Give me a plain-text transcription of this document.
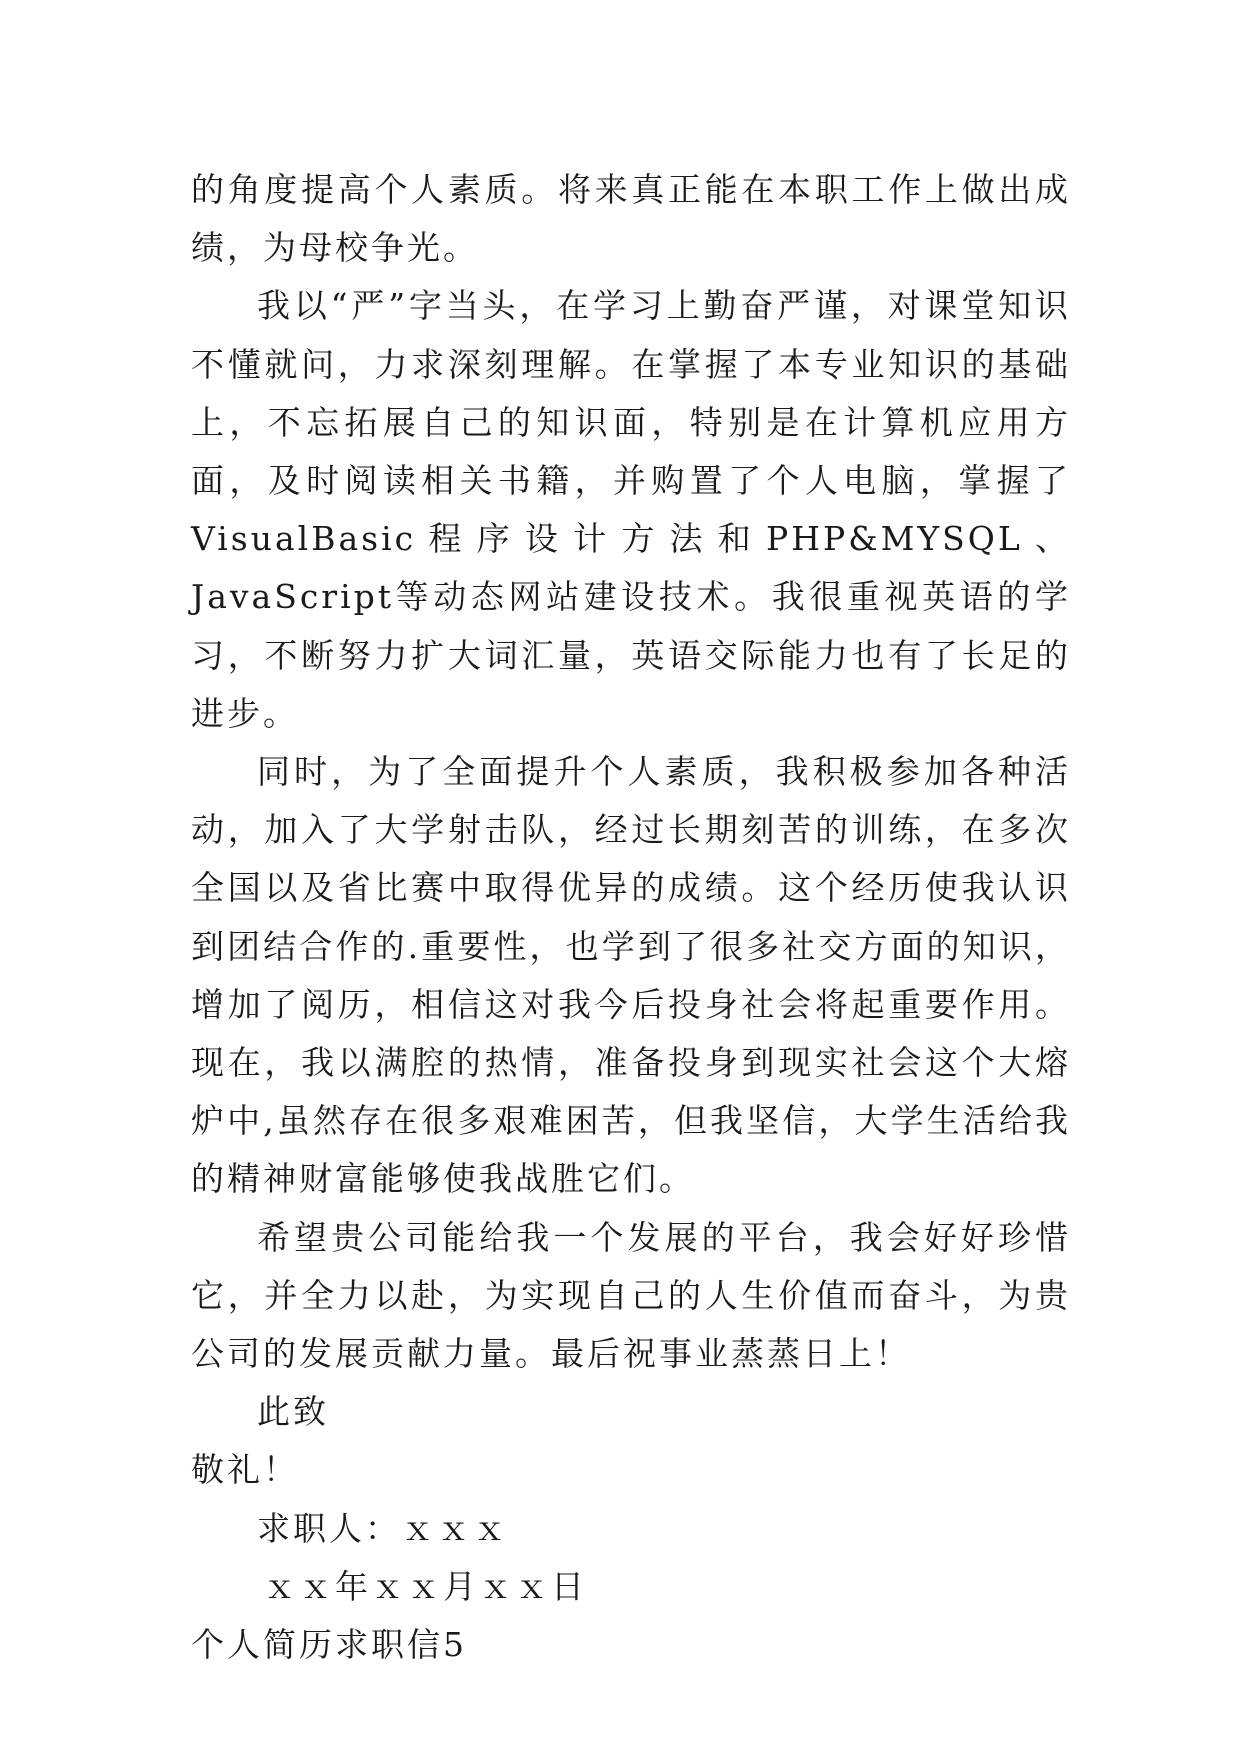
的角度提高个人素质。将来真正能在本职工作上做出成绩，为母校争光。

我以“严”字当头，在学习上勤奋严谨，对课堂知识不懂就问，力求深刻理解。在掌握了本专业知识的基础上，不忘拓展自己的知识面，特别是在计算机应用方面，及时阅读相关书籍，并购置了个人电脑，掌握了VisualBasic程序设计方法和PHP&MYSQL、JavaScript等动态网站建设技术。我很重视英语的学习，不断努力扩大词汇量，英语交际能力也有了长足的进步。

同时，为了全面提升个人素质，我积极参加各种活动，加入了大学射击队，经过长期刻苦的训练，在多次全国以及省比赛中取得优异的成绩。这个经历使我认识到团结合作的.重要性，也学到了很多社交方面的知识，增加了阅历，相信这对我今后投身社会将起重要作用。现在，我以满腔的热情，准备投身到现实社会这个大熔炉中,虽然存在很多艰难困苦，但我坚信，大学生活给我的精神财富能够使我战胜它们。

希望贵公司能给我一个发展的平台，我会好好珍惜它，并全力以赴，为实现自己的人生价值而奋斗，为贵公司的发展贡献力量。最后祝事业蒸蒸日上！

此致

敬礼！

求职人：ｘｘｘ

ｘｘ年ｘｘ月ｘｘ日

个人简历求职信5
